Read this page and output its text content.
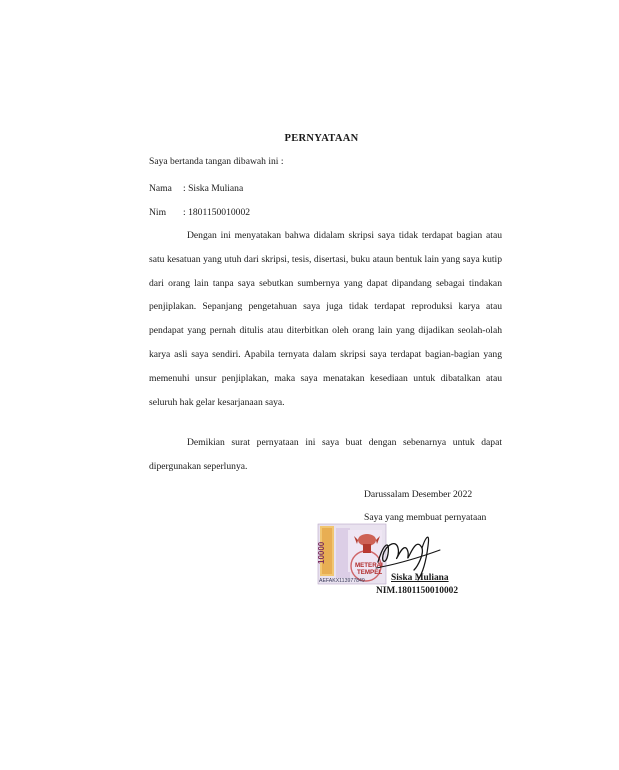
PERNYATAAN
Saya bertanda tangan dibawah ini :
Nama : Siska Muliana
Nim : 1801150010002

Dengan ini menyatakan bahwa didalam skripsi saya tidak terdapat bagian atau satu kesatuan yang utuh dari skripsi, tesis, disertasi, buku ataun bentuk lain yang saya kutip dari orang lain tanpa saya sebutkan sumbernya yang dapat dipandang sebagai tindakan penjiplakan. Sepanjang pengetahuan saya juga tidak terdapat reproduksi karya atau pendapat yang pernah ditulis atau diterbitkan oleh orang lain yang dijadikan seolah-olah karya asli saya sendiri. Apabila ternyata dalam skripsi saya terdapat bagian-bagian yang memenuhi unsur penjiplakan, maka saya menatakan kesediaan untuk dibatalkan atau seluruh hak gelar kesarjanaan saya.

Demikian surat pernyataan ini saya buat dengan sebenarnya untuk dapat dipergunakan seperlunya.

Darussalam Desember 2022
Saya yang membuat pernyataan
10000
METERAI
TEMPEL
AEFAKX113977849	Siska Muliana
NIM.1801150010002
